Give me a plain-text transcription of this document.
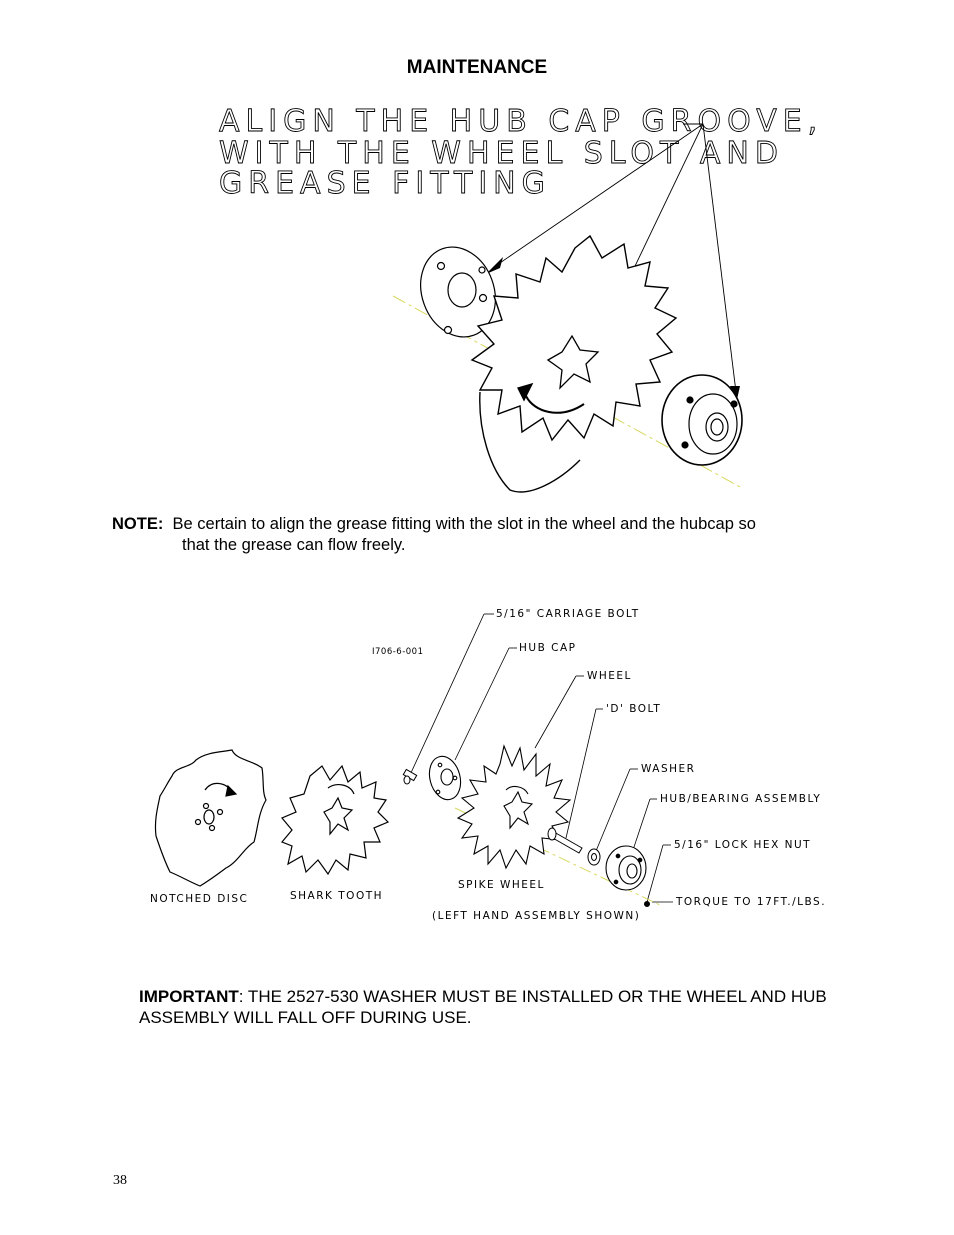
MAINTENANCE
ALIGN THE HUB CAP GROOVE,
WITH THE WHEEL SLOT AND
GREASE FITTING
NOTE: Be certain to align the grease fitting with the slot in the wheel and the hubcap so
that the grease can flow freely.
I706-6-001
5/16" CARRIAGE BOLT
HUB CAP
WHEEL
'D' BOLT
WASHER
HUB/BEARING ASSEMBLY
5/16" LOCK HEX NUT
TORQUE TO 17FT./LBS.
NOTCHED DISC	SHARK TOOTH
SPIKE WHEEL
(LEFT HAND ASSEMBLY SHOWN)
IMPORTANT: THE 2527-530 WASHER MUST BE INSTALLED OR THE WHEEL AND HUB ASSEMBLY WILL FALL OFF DURING USE.
38
